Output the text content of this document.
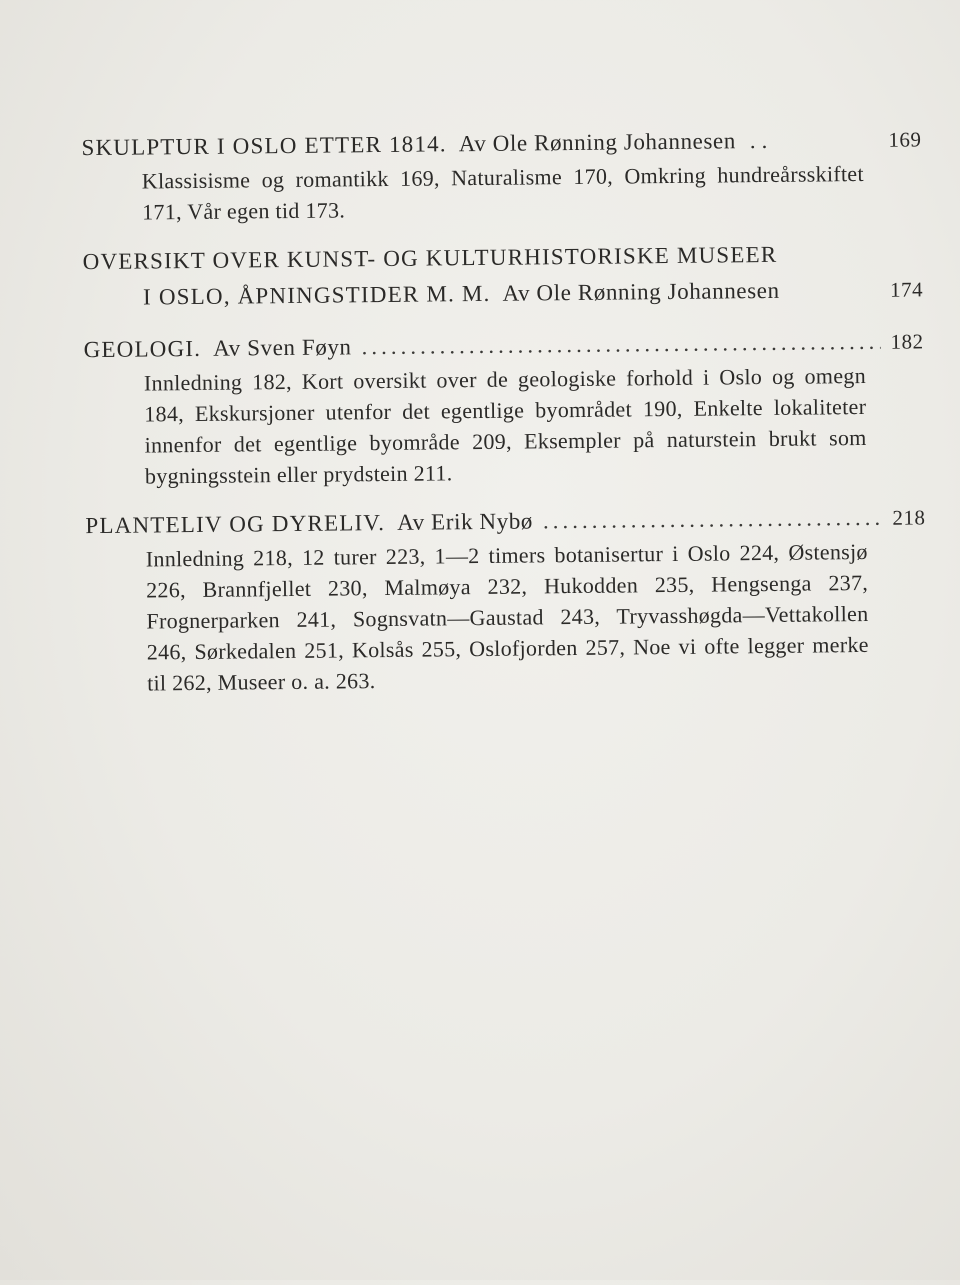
SKULPTUR I OSLO ETTER 1814. Av Ole Rønning Johannesen ..	169
Klassisisme og romantikk 169, Naturalisme 170, Omkring hundreårsskiftet 171, Vår egen tid 173.
OVERSIKT OVER KUNST- OG KULTURHISTORISKE MUSEER
I OSLO, ÅPNINGSTIDER M. M. Av Ole Rønning Johannesen	174
GEOLOGI. Av Sven Føyn .....	182
Innledning 182, Kort oversikt over de geologiske forhold i Oslo og omegn 184, Ekskursjoner utenfor det egentlige byområdet 190, Enkelte lokaliteter innenfor det egentlige byområde 209, Eksempler på naturstein brukt som bygningsstein eller prydstein 211.
PLANTELIV OG DYRELIV. Av Erik Nybø .....	218
Innledning 218, 12 turer 223, 1—2 timers botanisertur i Oslo 224, Østensjø 226, Brannfjellet 230, Malmøya 232, Hukodden 235, Hengsenga 237, Frognerparken 241, Sognsvatn—Gaustad 243, Tryvasshøgda—Vettakollen 246, Sørkedalen 251, Kolsås 255, Oslofjorden 257, Noe vi ofte legger merke til 262, Museer o. a. 263.
